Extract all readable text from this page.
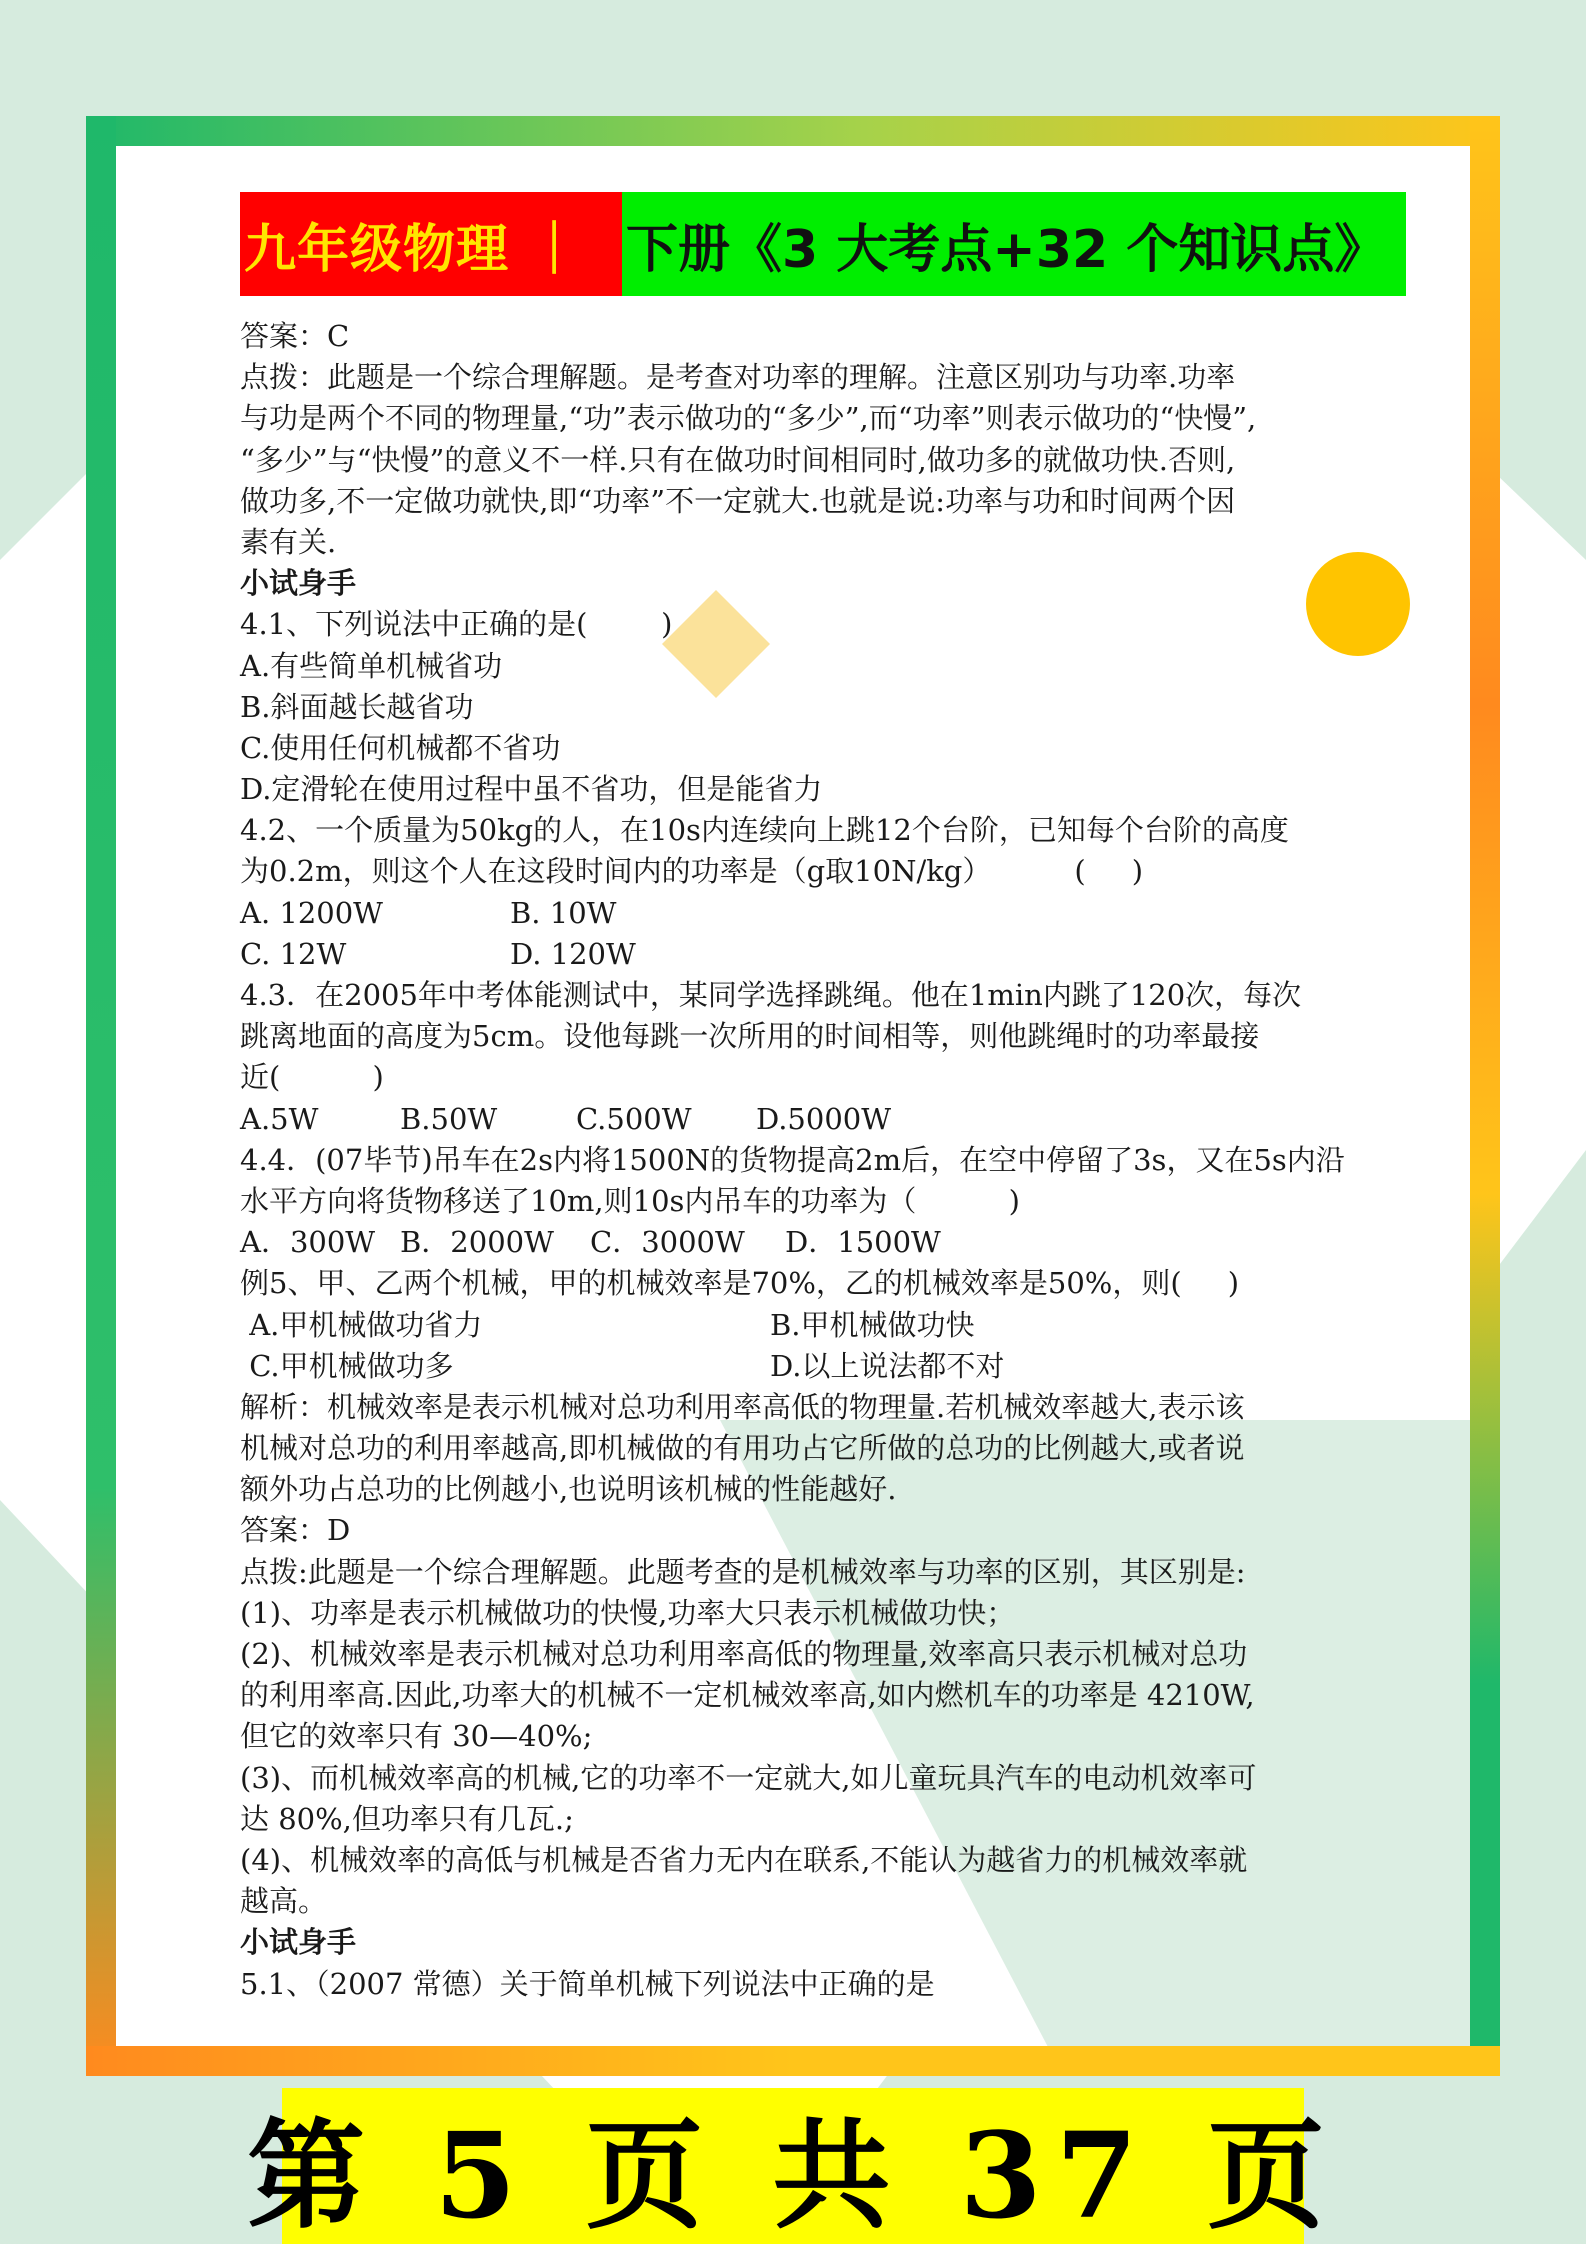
九年级物理 ｜ 下册《3 大考点+32 个知识点》
答案：C
点拨：此题是一个综合理解题。是考查对功率的理解。注意区别功与功率.功率
与功是两个不同的物理量,“功”表示做功的“多少”,而“功率”则表示做功的“快慢”,
“多少”与“快慢”的意义不一样.只有在做功时间相同时,做功多的就做功快.否则,
做功多,不一定做功就快,即“功率”不一定就大.也就是说:功率与功和时间两个因
素有关.
小试身手
4.1、下列说法中正确的是(        )
A.有些简单机械省功
B.斜面越长越省功
C.使用任何机械都不省功
D.定滑轮在使用过程中虽不省功，但是能省力
4.2、一个质量为50kg的人，在10s内连续向上跳12个台阶，已知每个台阶的高度
为0.2m，则这个人在这段时间内的功率是（g取10N/kg）         (     )
A. 1200W	B. 10W
C. 12W	D. 120W
4.3．在2005年中考体能测试中，某同学选择跳绳。他在1min内跳了120次，每次
跳离地面的高度为5cm。设他每跳一次所用的时间相等，则他跳绳时的功率最接
近(          )
A.5W	B.50W	C.500W	D.5000W
4.4．(07毕节)吊车在2s内将1500N的货物提高2m后，在空中停留了3s，又在5s内沿
水平方向将货物移送了10m,则10s内吊车的功率为（          )
A．300W B．2000W	C．3000W	D．1500W
例5、甲、乙两个机械，甲的机械效率是70%，乙的机械效率是50%，则(     )
A.甲机械做功省力	B.甲机械做功快
C.甲机械做功多	D.以上说法都不对
解析：机械效率是表示机械对总功利用率高低的物理量.若机械效率越大,表示该
机械对总功的利用率越高,即机械做的有用功占它所做的总功的比例越大,或者说
额外功占总功的比例越小,也说明该机械的性能越好.
答案：D
点拨:此题是一个综合理解题。此题考查的是机械效率与功率的区别，其区别是:
(1)、功率是表示机械做功的快慢,功率大只表示机械做功快；
(2)、机械效率是表示机械对总功利用率高低的物理量,效率高只表示机械对总功
的利用率高.因此,功率大的机械不一定机械效率高,如内燃机车的功率是 4210W,
但它的效率只有 30—40%;
(3)、而机械效率高的机械,它的功率不一定就大,如儿童玩具汽车的电动机效率可
达 80%,但功率只有几瓦.;
(4)、机械效率的高低与机械是否省力无内在联系,不能认为越省力的机械效率就
越高。
小试身手
5.1、（2007 常德）关于简单机械下列说法中正确的是
第 5 页 共 37 页
